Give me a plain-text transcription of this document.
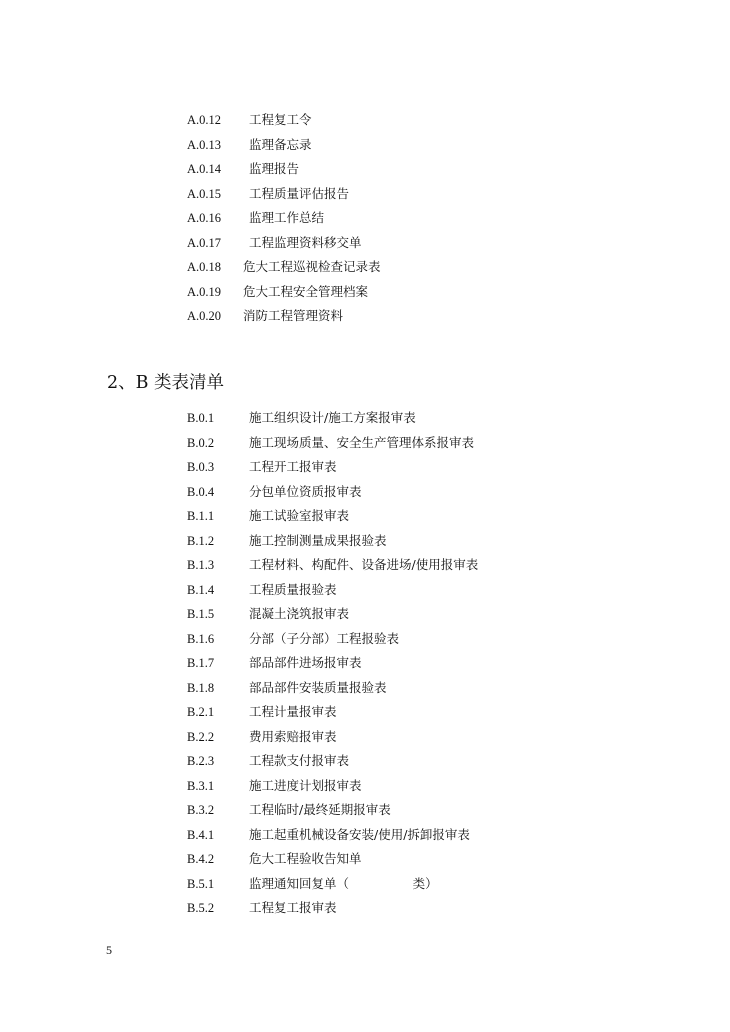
A.0.12 工程复工令
A.0.13 监理备忘录
A.0.14 监理报告
A.0.15 工程质量评估报告
A.0.16 监理工作总结
A.0.17 工程监理资料移交单
A.0.18 危大工程巡视检查记录表
A.0.19 危大工程安全管理档案
A.0.20 消防工程管理资料
2、B 类表清单
B.0.1	施工组织设计/施工方案报审表
B.0.2	施工现场质量、安全生产管理体系报审表
B.0.3	工程开工报审表
B.0.4	分包单位资质报审表
B.1.1	施工试验室报审表
B.1.2	施工控制测量成果报验表
B.1.3	工程材料、构配件、设备进场/使用报审表
B.1.4	工程质量报验表
B.1.5	混凝土浇筑报审表
B.1.6	分部（子分部）工程报验表
B.1.7	部品部件进场报审表
B.1.8	部品部件安装质量报验表
B.2.1	工程计量报审表
B.2.2	费用索赔报审表
B.2.3	工程款支付报审表
B.3.1	施工进度计划报审表
B.3.2	工程临时/最终延期报审表
B.4.1	施工起重机械设备安装/使用/拆卸报审表
B.4.2	危大工程验收告知单
B.5.1	监理通知回复单（                类）
B.5.2	工程复工报审表
5
